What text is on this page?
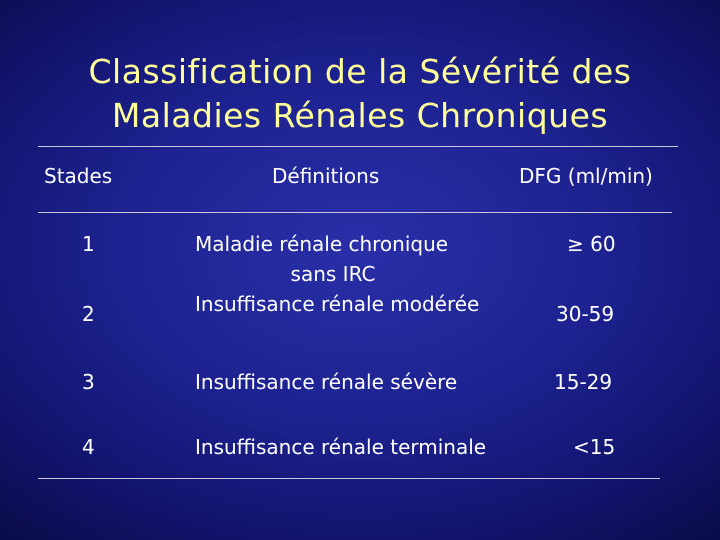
Classification de la Sévérité des
Maladies Rénales Chroniques
Stades	Définitions	DFG (ml/min)
1
2
3
4
Maladie rénale chronique
sans IRC
Insuffisance rénale modérée
Insuffisance rénale sévère
Insuffisance rénale terminale
≥ 60
30-59
15-29
<15
